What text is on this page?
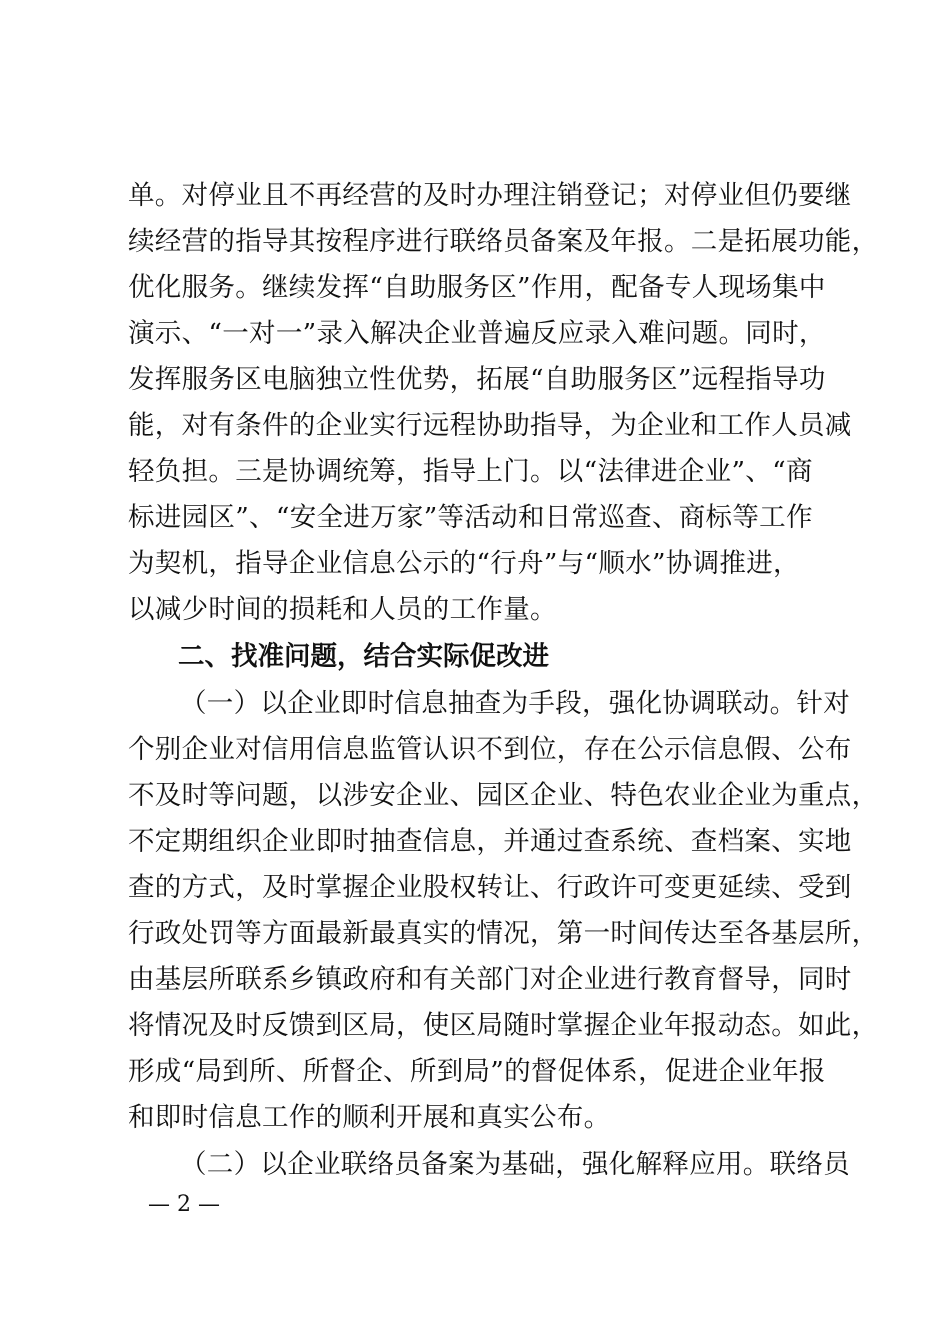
单。对停业且不再经营的及时办理注销登记；对停业但仍要继
续经营的指导其按程序进行联络员备案及年报。二是拓展功能，
优化服务。继续发挥“自助服务区”作用，配备专人现场集中
演示、“一对一”录入解决企业普遍反应录入难问题。同时，
发挥服务区电脑独立性优势，拓展“自助服务区”远程指导功
能，对有条件的企业实行远程协助指导，为企业和工作人员减
轻负担。三是协调统筹，指导上门。以“法律进企业”、“商
标进园区”、“安全进万家”等活动和日常巡查、商标等工作
为契机，指导企业信息公示的“行舟”与“顺水”协调推进，
以减少时间的损耗和人员的工作量。
二、找准问题，结合实际促改进
（一）以企业即时信息抽查为手段，强化协调联动。针对
个别企业对信用信息监管认识不到位，存在公示信息假、公布
不及时等问题，以涉安企业、园区企业、特色农业企业为重点，
不定期组织企业即时抽查信息，并通过查系统、查档案、实地
查的方式，及时掌握企业股权转让、行政许可变更延续、受到
行政处罚等方面最新最真实的情况，第一时间传达至各基层所，
由基层所联系乡镇政府和有关部门对企业进行教育督导，同时
将情况及时反馈到区局，使区局随时掌握企业年报动态。如此，
形成“局到所、所督企、所到局”的督促体系，促进企业年报
和即时信息工作的顺利开展和真实公布。
（二）以企业联络员备案为基础，强化解释应用。联络员
— 2 —
